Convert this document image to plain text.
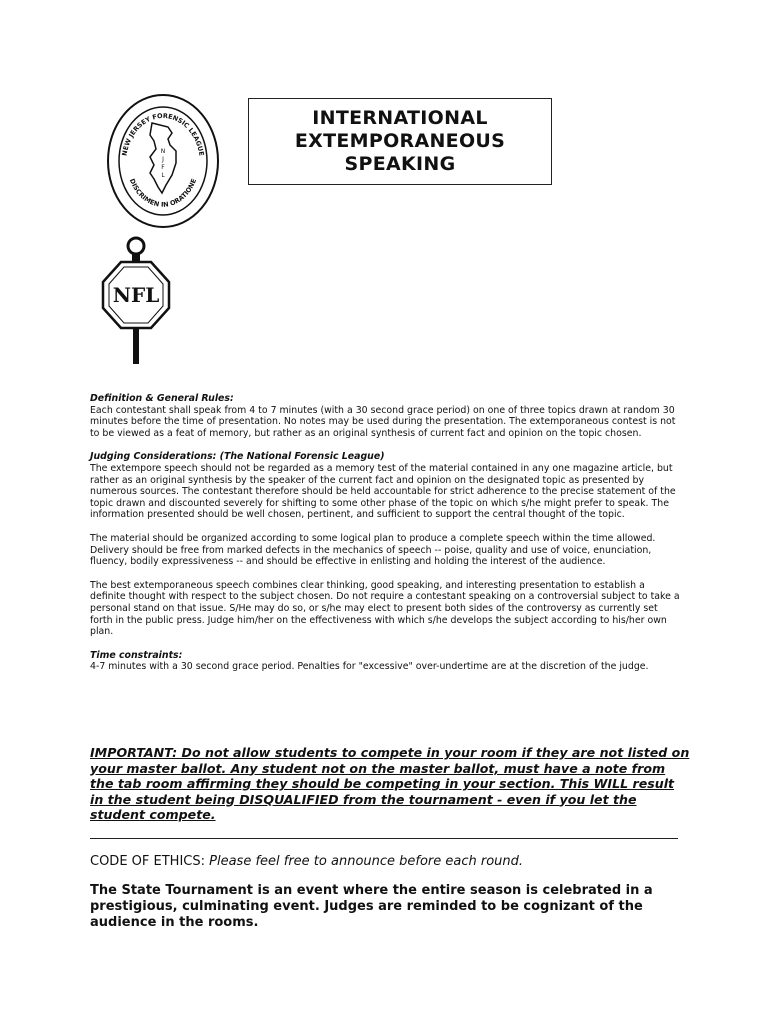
NEW JERSEY FORENSIC LEAGUE
DISCRIMEN IN ORATIONE
N
J
F
L
NFL
INTERNATIONAL
EXTEMPORANEOUS
SPEAKING

Definition & General Rules:

Each contestant shall speak from 4 to 7 minutes (with a 30 second grace period) on one of three topics drawn at random 30 minutes before the time of presentation. No notes may be used during the presentation. The extemporaneous contest is not to be viewed as a feat of memory, but rather as an original synthesis of current fact and opinion on the topic chosen.

Judging Considerations: (The National Forensic League)

The extempore speech should not be regarded as a memory test of the material contained in any one magazine article, but rather as an original synthesis by the speaker of the current fact and opinion on the designated topic as presented by numerous sources. The contestant therefore should be held accountable for strict adherence to the precise statement of the topic drawn and discounted severely for shifting to some other phase of the topic on which s/he might prefer to speak. The information presented should be well chosen, pertinent, and sufficient to support the central thought of the topic.

The material should be organized according to some logical plan to produce a complete speech within the time allowed. Delivery should be free from marked defects in the mechanics of speech -- poise, quality and use of voice, enunciation, fluency, bodily expressiveness -- and should be effective in enlisting and holding the interest of the audience.

The best extemporaneous speech combines clear thinking, good speaking, and interesting presentation to establish a definite thought with respect to the subject chosen. Do not require a contestant speaking on a controversial subject to take a personal stand on that issue. S/He may do so, or s/he may elect to present both sides of the controversy as currently set forth in the public press. Judge him/her on the effectiveness with which s/he develops the subject according to his/her own plan.

Time constraints:

4-7 minutes with a 30 second grace period. Penalties for "excessive" over-undertime are at the discretion of the judge.

IMPORTANT: Do not allow students to compete in your room if they are not listed on your master ballot. Any student not on the master ballot, must have a note from the tab room affirming they should be competing in your section. This WILL result in the student being DISQUALIFIED from the tournament - even if you let the student compete.
CODE OF ETHICS: Please feel free to announce before each round.
The State Tournament is an event where the entire season is celebrated in a prestigious, culminating event. Judges are reminded to be cognizant of the audience in the rooms.
